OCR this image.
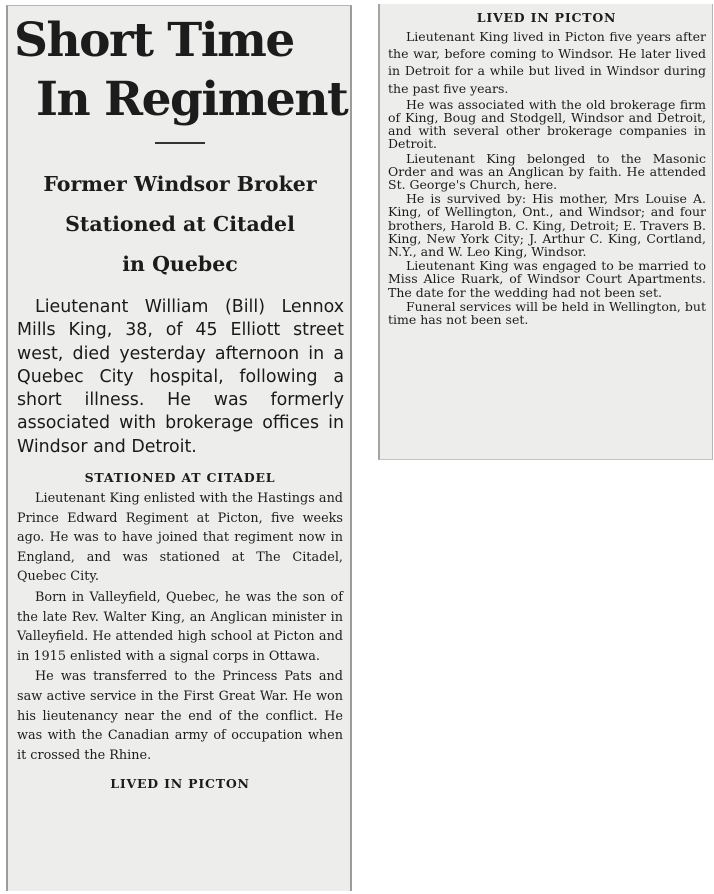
Short Time
In Regiment
Former Windsor Broker
Stationed at Citadel
in Quebec

Lieutenant William (Bill) Lennox Mills King, 38, of 45 Elliott street west, died yesterday afternoon in a Quebec City hospital, following a short illness. He was formerly associated with brokerage offices in Windsor and Detroit.

STATIONED AT CITADEL

Lieutenant King enlisted with the Hastings and Prince Edward Regiment at Picton, five weeks ago. He was to have joined that regiment now in England, and was stationed at The Citadel, Quebec City.

Born in Valleyfield, Quebec, he was the son of the late Rev. Walter King, an Anglican minister in Valleyfield. He attended high school at Picton and in 1915 enlisted with a signal corps in Ottawa.

He was transferred to the Princess Pats and saw active service in the First Great War. He won his lieutenancy near the end of the conflict. He was with the Canadian army of occupation when it crossed the Rhine.

LIVED IN PICTON
LIVED IN PICTON

Lieutenant King lived in Picton five years after the war, before coming to Windsor. He later lived in Detroit for a while but lived in Windsor during the past five years.

He was associated with the old brokerage firm of King, Boug and Stodgell, Windsor and Detroit, and with several other brokerage companies in Detroit.

Lieutenant King belonged to the Masonic Order and was an Anglican by faith. He attended St. George's Church, here.

He is survived by: His mother, Mrs Louise A. King, of Wellington, Ont., and Windsor; and four brothers, Harold B. C. King, Detroit; E. Travers B. King, New York City; J. Arthur C. King, Cortland, N.Y., and W. Leo King, Windsor.

Lieutenant King was engaged to be married to Miss Alice Ruark, of Windsor Court Apartments. The date for the wedding had not been set.

Funeral services will be held in Wellington, but time has not been set.
